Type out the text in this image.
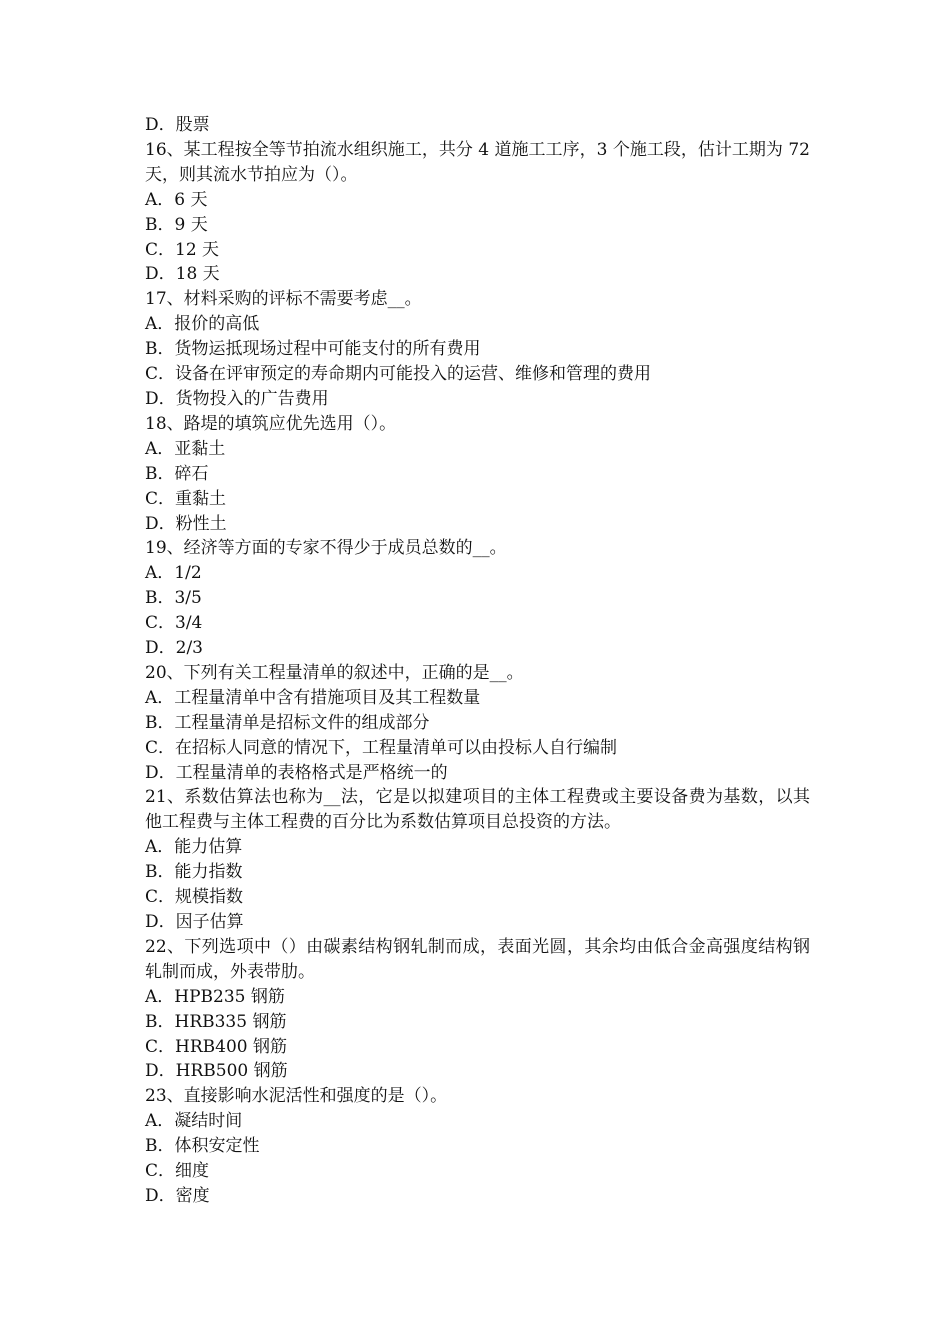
D．股票
16、某工程按全等节拍流水组织施工，共分 4 道施工工序，3 个施工段，估计工期为 72 天，则其流水节拍应为（）。
A．6 天
B．9 天
C．12 天
D．18 天
17、材料采购的评标不需要考虑__。
A．报价的高低
B．货物运抵现场过程中可能支付的所有费用
C．设备在评审预定的寿命期内可能投入的运营、维修和管理的费用
D．货物投入的广告费用
18、路堤的填筑应优先选用（）。
A．亚黏土
B．碎石
C．重黏土
D．粉性土
19、经济等方面的专家不得少于成员总数的__。
A．1/2
B．3/5
C．3/4
D．2/3
20、下列有关工程量清单的叙述中，正确的是__。
A．工程量清单中含有措施项目及其工程数量
B．工程量清单是招标文件的组成部分
C．在招标人同意的情况下，工程量清单可以由投标人自行编制
D．工程量清单的表格格式是严格统一的
21、系数估算法也称为__法，它是以拟建项目的主体工程费或主要设备费为基数，以其他工程费与主体工程费的百分比为系数估算项目总投资的方法。
A．能力估算
B．能力指数
C．规模指数
D．因子估算
22、下列选项中（）由碳素结构钢轧制而成，表面光圆，其余均由低合金高强度结构钢轧制而成，外表带肋。
A．HPB235 钢筋
B．HRB335 钢筋
C．HRB400 钢筋
D．HRB500 钢筋
23、直接影响水泥活性和强度的是（）。
A．凝结时间
B．体积安定性
C．细度
D．密度
